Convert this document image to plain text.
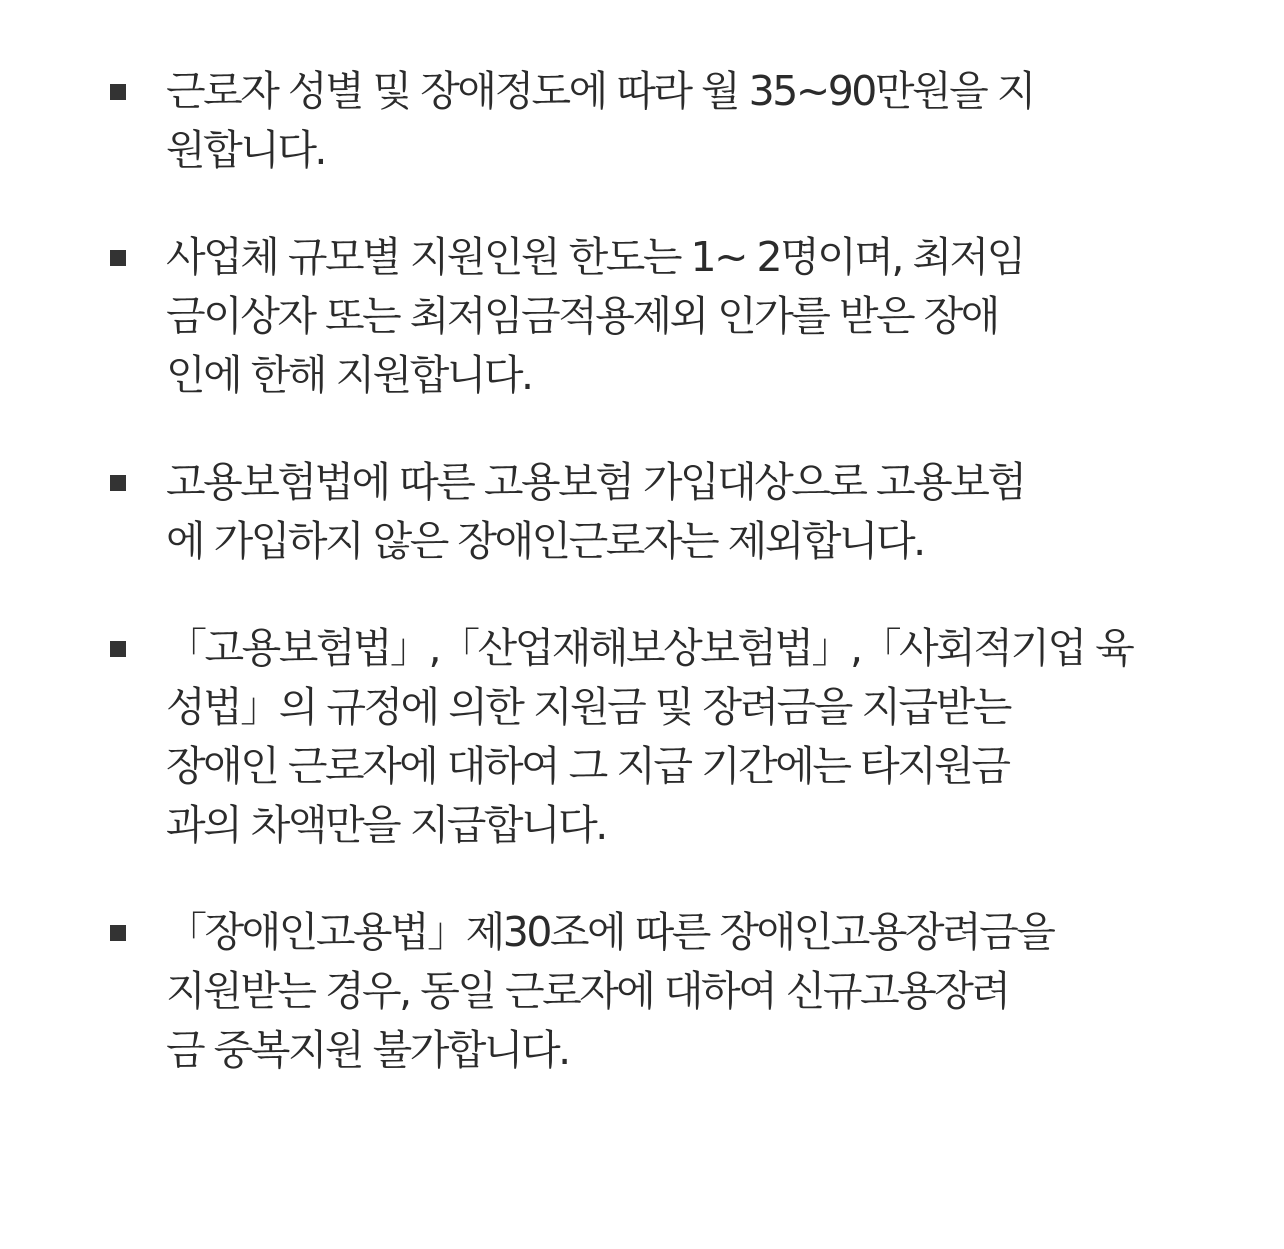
근로자 성별 및 장애정도에 따라 월 35~90만원을 지
원합니다.
사업체 규모별 지원인원 한도는 1~ 2명이며, 최저임
금이상자 또는 최저임금적용제외 인가를 받은 장애
인에 한해 지원합니다.
고용보험법에 따른 고용보험 가입대상으로 고용보험
에 가입하지 않은 장애인근로자는 제외합니다.
「고용보험법」,「산업재해보상보험법」,「사회적기업 육
성법」의 규정에 의한 지원금 및 장려금을 지급받는
장애인 근로자에 대하여 그 지급 기간에는 타지원금
과의 차액만을 지급합니다.
「장애인고용법」제30조에 따른 장애인고용장려금을
지원받는 경우, 동일 근로자에 대하여 신규고용장려
금 중복지원 불가합니다.
